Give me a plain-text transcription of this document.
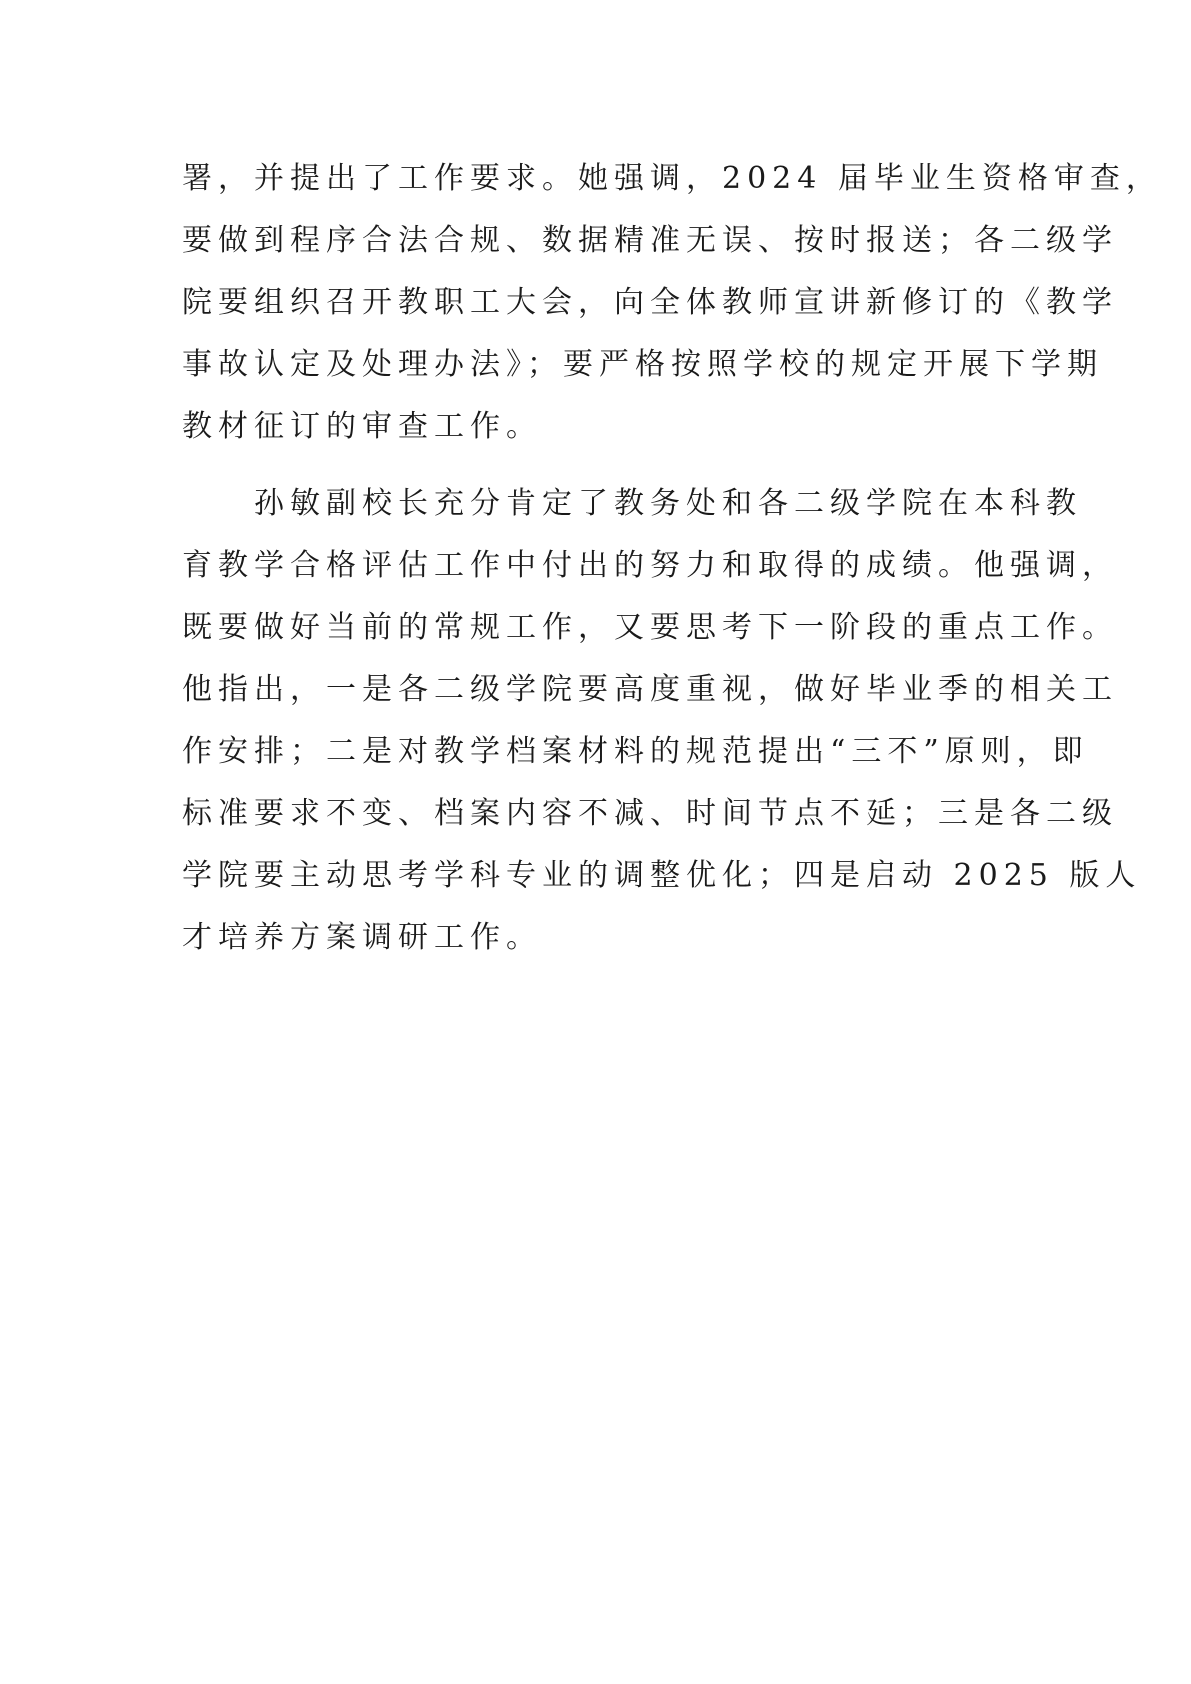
署，并提出了工作要求。她强调，2024 届毕业生资格审查，
要做到程序合法合规、数据精准无误、按时报送；各二级学
院要组织召开教职工大会，向全体教师宣讲新修订的《教学
事故认定及处理办法》；要严格按照学校的规定开展下学期
教材征订的审查工作。
　　孙敏副校长充分肯定了教务处和各二级学院在本科教
育教学合格评估工作中付出的努力和取得的成绩。他强调，
既要做好当前的常规工作，又要思考下一阶段的重点工作。
他指出，一是各二级学院要高度重视，做好毕业季的相关工
作安排；二是对教学档案材料的规范提出“三不”原则，即
标准要求不变、档案内容不减、时间节点不延；三是各二级
学院要主动思考学科专业的调整优化；四是启动 2025 版人
才培养方案调研工作。
